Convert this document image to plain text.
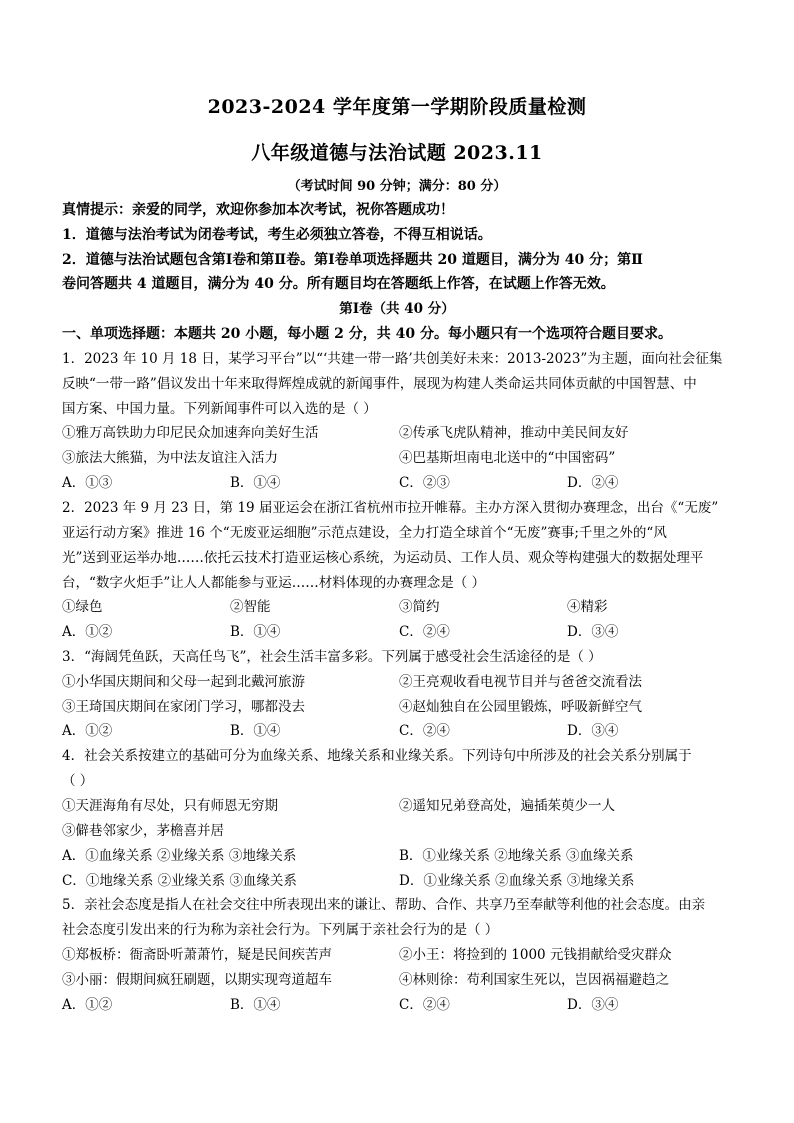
2023-2024 学年度第一学期阶段质量检测
八年级道德与法治试题 2023.11
（考试时间 90 分钟；满分：80 分）
真情提示：亲爱的同学，欢迎你参加本次考试，祝你答题成功！
1．道德与法治考试为闭卷考试，考生必须独立答卷，不得互相说话。
2．道德与法治试题包含第Ⅰ卷和第Ⅱ卷。第Ⅰ卷单项选择题共 20 道题目，满分为 40 分；第Ⅱ
卷问答题共 4 道题目，满分为 40 分。所有题目均在答题纸上作答，在试题上作答无效。
第Ⅰ卷（共 40 分）
一、单项选择题：本题共 20 小题，每小题 2 分，共 40 分。每小题只有一个选项符合题目要求。
1．2023 年 10 月 18 日，某学习平台”以“‘共建一带一路’共创美好未来：2013-2023”为主题，面向社会征集
反映“一带一路”倡议发出十年来取得辉煌成就的新闻事件，展现为构建人类命运共同体贡献的中国智慧、中
国方案、中国力量。下列新闻事件可以入选的是（ ）
①雅万高铁助力印尼民众加速奔向美好生活	②传承飞虎队精神，推动中美民间友好
③旅法大熊猫，为中法友谊注入活力	④巴基斯坦南电北送中的“中国密码”
A．①③	B．①④	C．②③	D．②④
2．2023 年 9 月 23 日，第 19 届亚运会在浙江省杭州市拉开帷幕。主办方深入贯彻办赛理念，出台《“无废”
亚运行动方案》推进 16 个“无废亚运细胞”示范点建设，全力打造全球首个“无废”赛事;千里之外的“风
光”送到亚运举办地……依托云技术打造亚运核心系统，为运动员、工作人员、观众等构建强大的数据处理平
台，“数字火炬手”让人人都能参与亚运……材料体现的办赛理念是（ ）
①绿色	②智能	③简约	④精彩
A．①②	B．①④	C．②④	D．③④
3．“海阔凭鱼跃，天高任鸟飞”，社会生活丰富多彩。下列属于感受社会生活途径的是（ ）
①小华国庆期间和父母一起到北戴河旅游	②王亮观收看电视节目并与爸爸交流看法
③王琦国庆期间在家闭门学习，哪都没去	④赵灿独自在公园里锻炼，呼吸新鲜空气
A．①②	B．①④	C．②④	D．③④
4．社会关系按建立的基础可分为血缘关系、地缘关系和业缘关系。下列诗句中所涉及的社会关系分别属于
（ ）
①天涯海角有尽处，只有师恩无穷期	②遥知兄弟登高处，遍插茱萸少一人
③僻巷邻家少，茅檐喜并居
A．①血缘关系 ②业缘关系 ③地缘关系	B．①业缘关系 ②地缘关系 ③血缘关系
C．①地缘关系 ②业缘关系 ③血缘关系	D．①业缘关系 ②血缘关系 ③地缘关系
5．亲社会态度是指人在社会交往中所表现出来的谦让、帮助、合作、共享乃至奉献等利他的社会态度。由亲
社会态度引发出来的行为称为亲社会行为。下列属于亲社会行为的是（ ）
①郑板桥：衙斋卧听萧萧竹，疑是民间疾苦声	②小王：将捡到的 1000 元钱捐献给受灾群众
③小丽：假期间疯狂刷题，以期实现弯道超车	④林则徐：苟利国家生死以，岂因祸福避趋之
A．①②	B．①④	C．②④	D．③④
